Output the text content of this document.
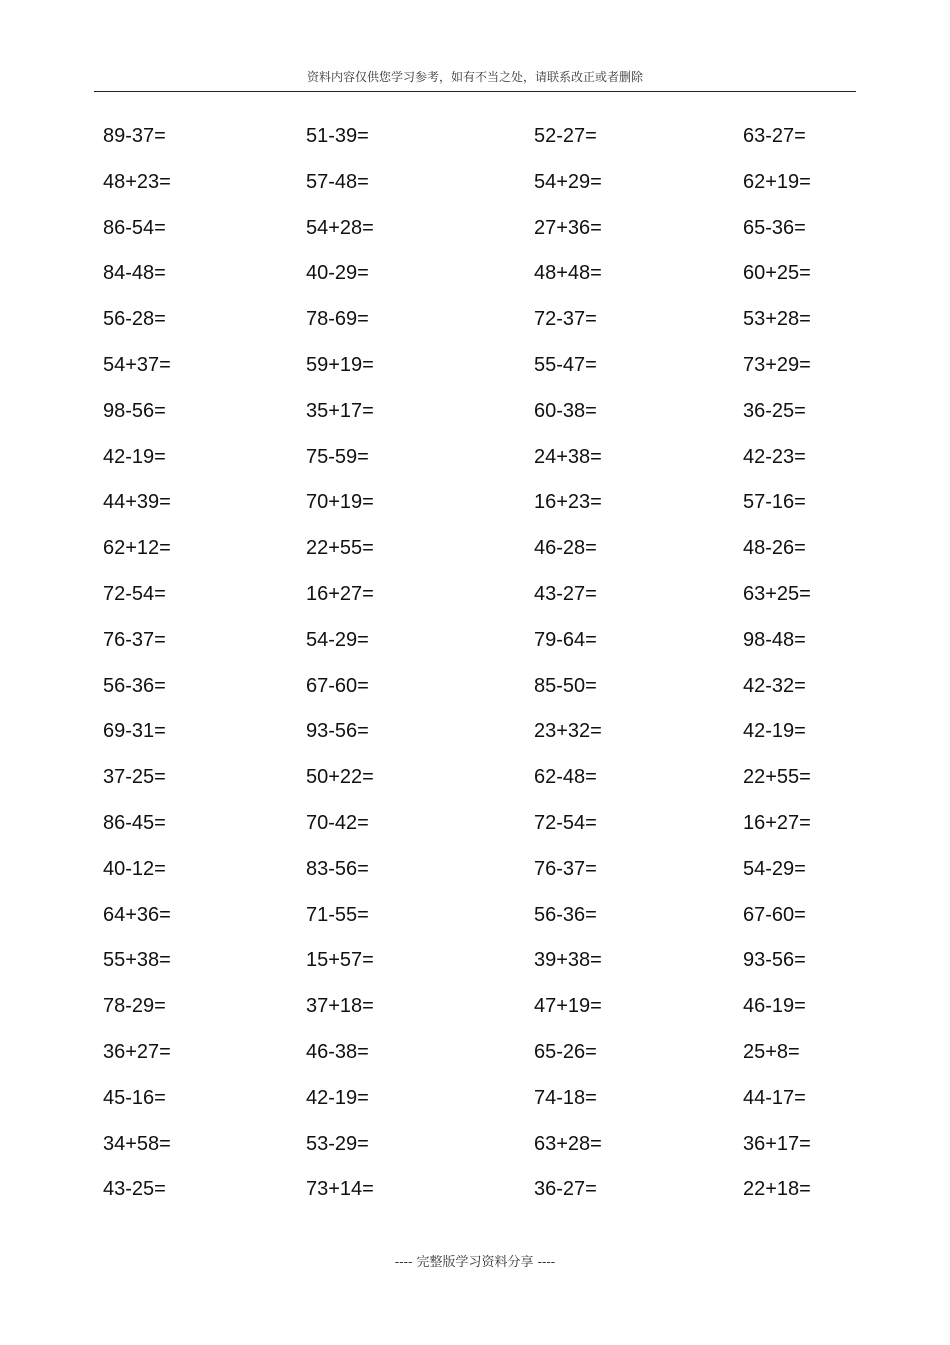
资料内容仅供您学习参考，如有不当之处，请联系改正或者删除
89-37=	51-39=	52-27=	63-27=
48+23=	57-48=	54+29=	62+19=
86-54=	54+28=	27+36=	65-36=
84-48=	40-29=	48+48=	60+25=
56-28=	78-69=	72-37=	53+28=
54+37=	59+19=	55-47=	73+29=
98-56=	35+17=	60-38=	36-25=
42-19=	75-59=	24+38=	42-23=
44+39=	70+19=	16+23=	57-16=
62+12=	22+55=	46-28=	48-26=
72-54=	16+27=	43-27=	63+25=
76-37=	54-29=	79-64=	98-48=
56-36=	67-60=	85-50=	42-32=
69-31=	93-56=	23+32=	42-19=
37-25=	50+22=	62-48=	22+55=
86-45=	70-42=	72-54=	16+27=
40-12=	83-56=	76-37=	54-29=
64+36=	71-55=	56-36=	67-60=
55+38=	15+57=	39+38=	93-56=
78-29=	37+18=	47+19=	46-19=
36+27=	46-38=	65-26=	25+8=
45-16=	42-19=	74-18=	44-17=
34+58=	53-29=	63+28=	36+17=
43-25=	73+14=	36-27=	22+18=
---- 完整版学习资料分享 ----
